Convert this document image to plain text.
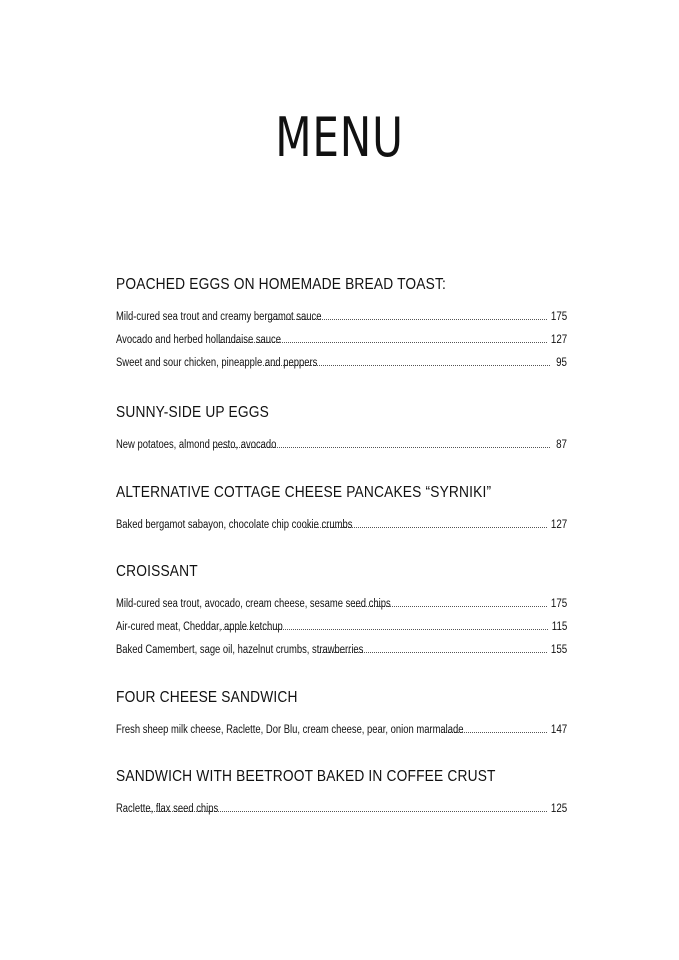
MENU
POACHED EGGS ON HOMEMADE BREAD TOAST:
Mild-cured sea trout and creamy bergamot sauce	175
Avocado and herbed hollandaise sauce	127
Sweet and sour chicken, pineapple and peppers	95
SUNNY-SIDE UP EGGS
New potatoes, almond pesto, avocado	87
ALTERNATIVE COTTAGE CHEESE PANCAKES “SYRNIKI”
Baked bergamot sabayon, chocolate chip cookie crumbs	127
CROISSANT
Mild-cured sea trout, avocado, cream cheese, sesame seed chips	175
Air-cured meat, Cheddar, apple ketchup	115
Baked Camembert, sage oil, hazelnut crumbs, strawberries	155
FOUR CHEESE SANDWICH
Fresh sheep milk cheese, Raclette, Dor Blu, cream cheese, pear, onion marmalade	147
SANDWICH WITH BEETROOT BAKED IN COFFEE CRUST
Raclette, flax seed chips	125
